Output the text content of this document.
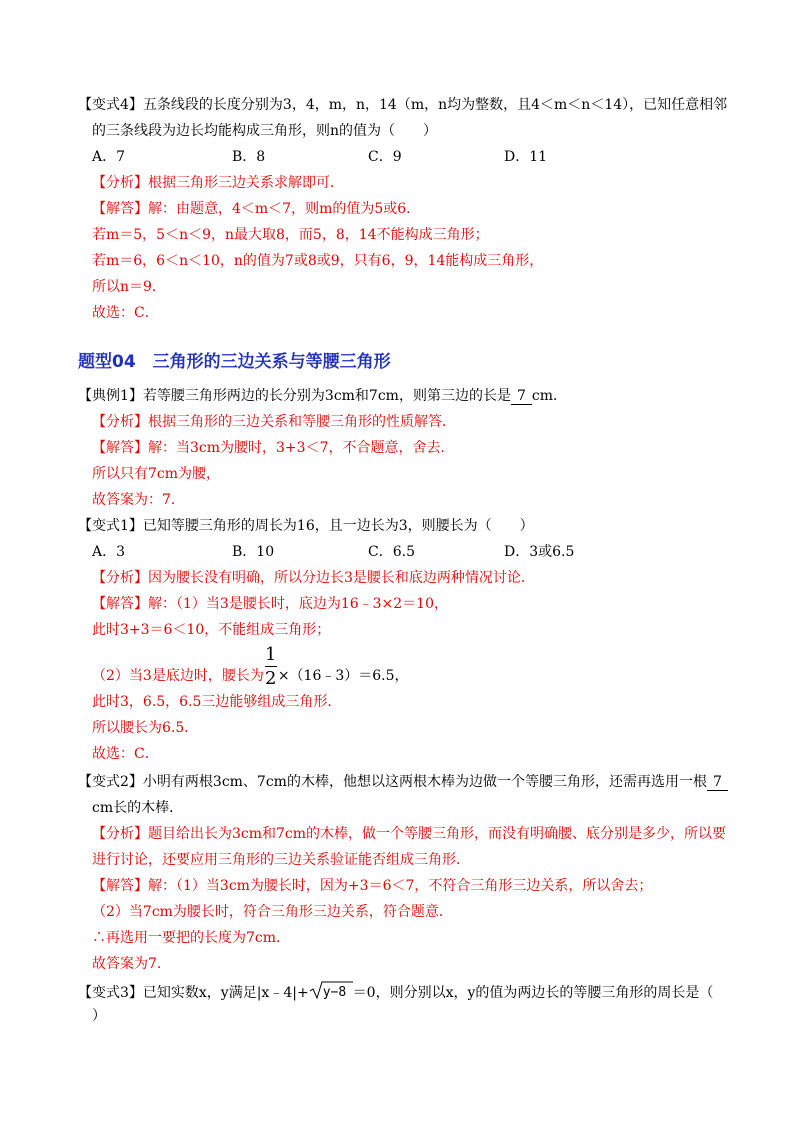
【变式4】五条线段的长度分别为3，4，m，n，14（m，n均为整数，且4＜m＜n＜14），已知任意相邻
的三条线段为边长均能构成三角形，则n的值为（　　）
A．7	B．8	C．9	D．11
【分析】根据三角形三边关系求解即可．
【解答】解：由题意，4＜m＜7，则m的值为5或6．
若m＝5，5＜n＜9，n最大取8，而5，8，14不能构成三角形；
若m＝6，6＜n＜10，n的值为7或8或9，只有6，9，14能构成三角形，
所以n＝9．
故选：C．
题型04　三角形的三边关系与等腰三角形
【典例1】若等腰三角形两边的长分别为3cm和7cm，则第三边的长是 7 cm．
【分析】根据三角形的三边关系和等腰三角形的性质解答．
【解答】解：当3cm为腰时，3+3＜7，不合题意，舍去．
所以只有7cm为腰，
故答案为：7．
【变式1】已知等腰三角形的周长为16，且一边长为3，则腰长为（　　）
A．3	B．10	C．6.5	D．3或6.5
【分析】因为腰长没有明确，所以分边长3是腰长和底边两种情况讨论．
【解答】解：（1）当3是腰长时，底边为16﹣3×2＝10，
此时3+3＝6＜10，不能组成三角形；
（2）当3是底边时，腰长为 ×（16﹣3）＝6.5，
1
2
此时3，6.5，6.5三边能够组成三角形．
所以腰长为6.5．
故选：C．
【变式2】小明有两根3cm、7cm的木棒，他想以这两根木棒为边做一个等腰三角形，还需再选用一根 7
cm长的木棒．
【分析】题目给出长为3cm和7cm的木棒，做一个等腰三角形，而没有明确腰、底分别是多少，所以要
进行讨论，还要应用三角形的三边关系验证能否组成三角形．
【解答】解：（1）当3cm为腰长时，因为+3＝6＜7，不符合三角形三边关系，所以舍去；
（2）当7cm为腰长时，符合三角形三边关系，符合题意．
∴再选用一要把的长度为7cm．
故答案为7．
【变式3】已知实数x，y满足|x﹣4|+ y−8 ＝0，则分别以x，y的值为两边长的等腰三角形的周长是（
）
